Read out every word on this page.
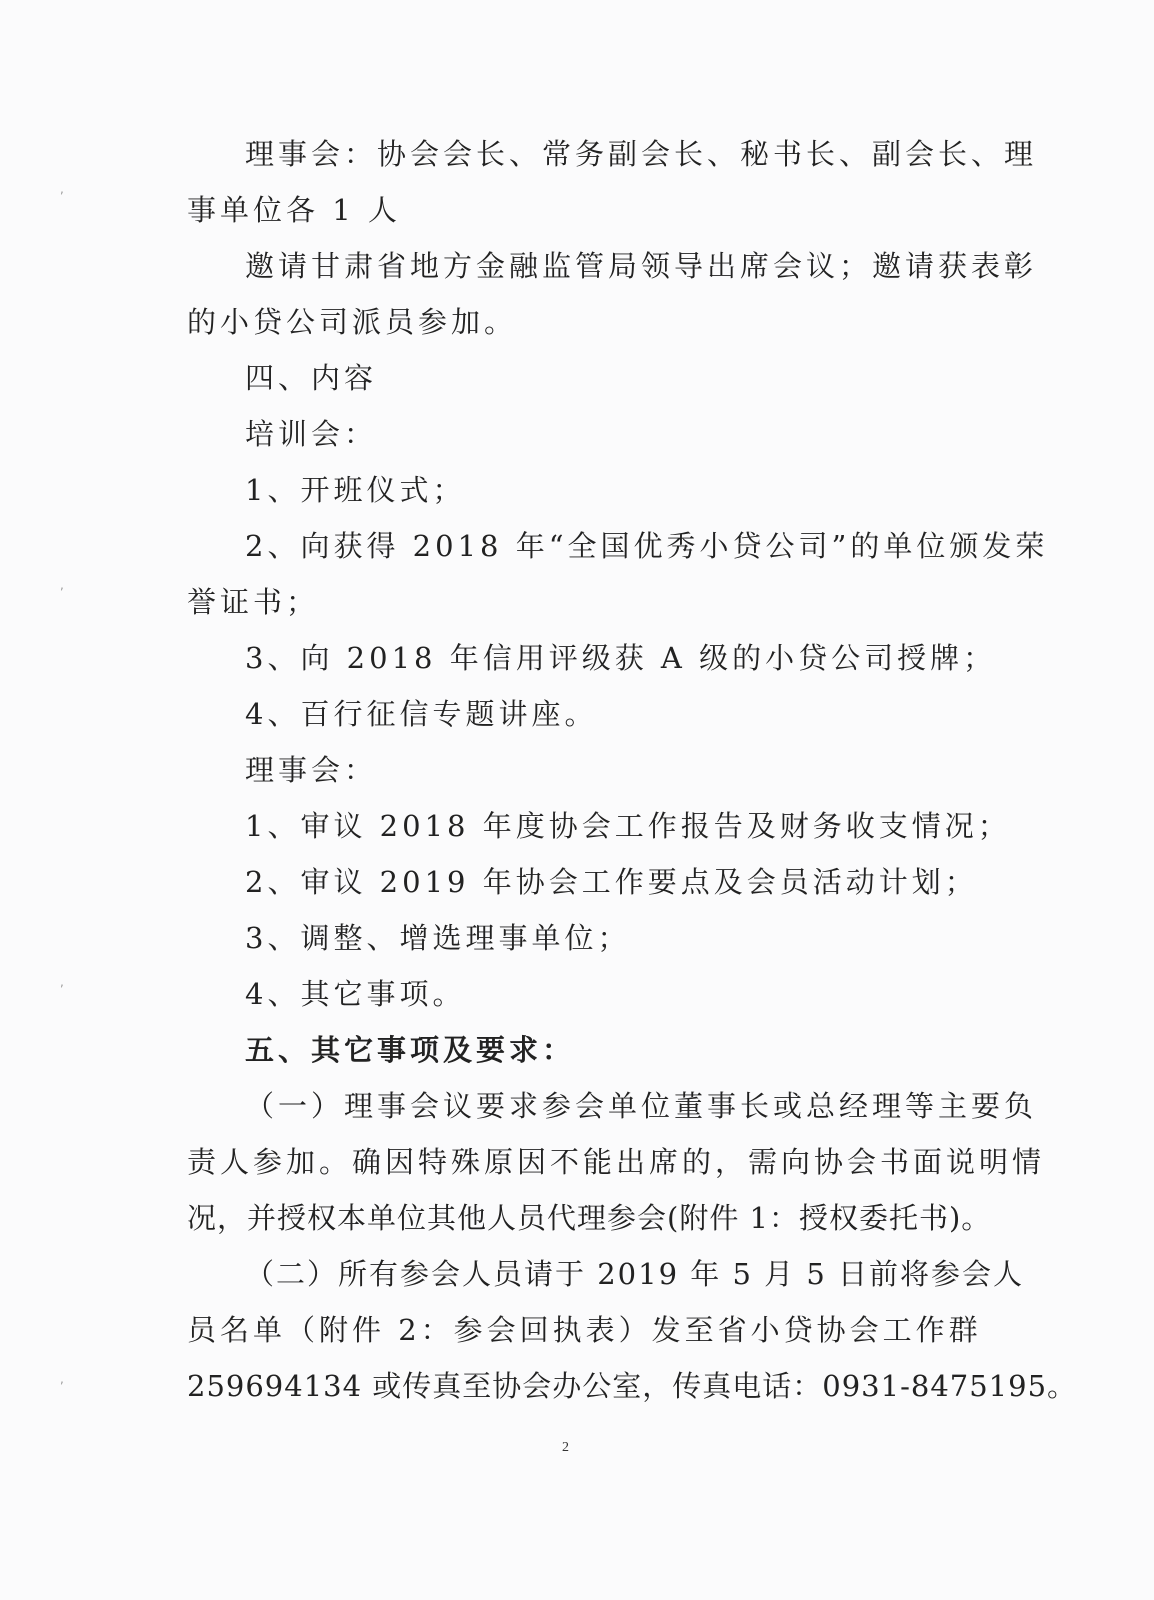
理事会：协会会长、常务副会长、秘书长、副会长、理
事单位各 1 人
邀请甘肃省地方金融监管局领导出席会议；邀请获表彰
的小贷公司派员参加。
四、内容
培训会：
1、开班仪式；
2、向获得 2018 年“全国优秀小贷公司”的单位颁发荣
誉证书；
3、向 2018 年信用评级获 A 级的小贷公司授牌；
4、百行征信专题讲座。
理事会：
1、审议 2018 年度协会工作报告及财务收支情况；
2、审议 2019 年协会工作要点及会员活动计划；
3、调整、增选理事单位；
4、其它事项。
五、其它事项及要求：
（一）理事会议要求参会单位董事长或总经理等主要负
责人参加。确因特殊原因不能出席的，需向协会书面说明情
况，并授权本单位其他人员代理参会(附件 1：授权委托书)。
（二）所有参会人员请于 2019 年 5 月 5 日前将参会人
员名单（附件 2：参会回执表）发至省小贷协会工作群
259694134 或传真至协会办公室，传真电话：0931-8475195。
2
,
,
,
,
